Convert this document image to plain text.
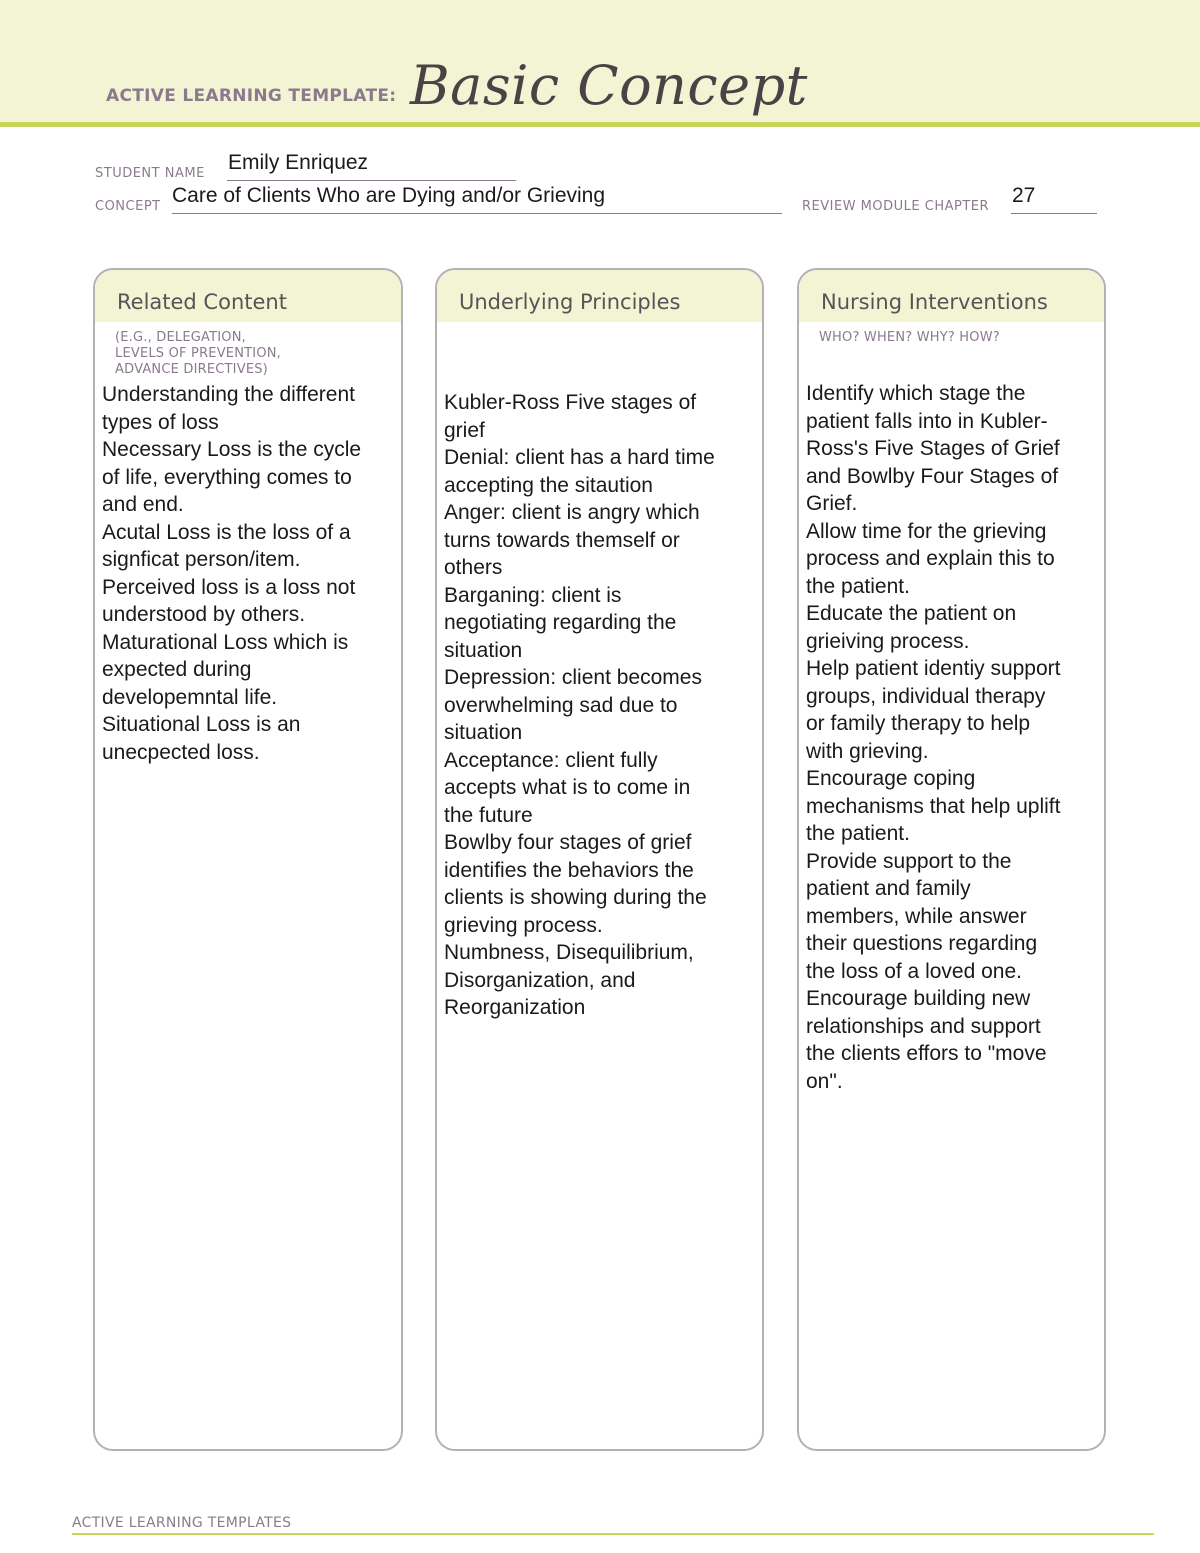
ACTIVE LEARNING TEMPLATE: Basic Concept
STUDENT NAME Emily Enriquez
CONCEPT Care of Clients Who are Dying and/or Grieving	REVIEW MODULE CHAPTER 27
Related Content
(E.G., DELEGATION,
LEVELS OF PREVENTION,
ADVANCE DIRECTIVES)
Understanding the different
types of loss
Necessary Loss is the cycle
of life, everything comes to
and end.
Acutal Loss is the loss of a
signficat person/item.
Perceived loss is a loss not
understood by others.
Maturational Loss which is
expected during
developemntal life.
Situational Loss is an
unecpected loss.
Underlying Principles
Kubler-Ross Five stages of
grief
Denial: client has a hard time
accepting the sitaution
Anger: client is angry which
turns towards themself or
others
Barganing: client is
negotiating regarding the
situation
Depression: client becomes
overwhelming sad due to
situation
Acceptance: client fully
accepts what is to come in
the future
Bowlby four stages of grief
identifies the behaviors the
clients is showing during the
grieving process.
Numbness, Disequilibrium,
Disorganization, and
Reorganization
Nursing Interventions
WHO? WHEN? WHY? HOW?
Identify which stage the
patient falls into in Kubler-
Ross's Five Stages of Grief
and Bowlby Four Stages of
Grief.
Allow time for the grieving
process and explain this to
the patient.
Educate the patient on
grieiving process.
Help patient identiy support
groups, individual therapy
or family therapy to help
with grieving.
Encourage coping
mechanisms that help uplift
the patient.
Provide support to the
patient and family
members, while answer
their questions regarding
the loss of a loved one.
Encourage building new
relationships and support
the clients effors to "move
on".
ACTIVE LEARNING TEMPLATES
